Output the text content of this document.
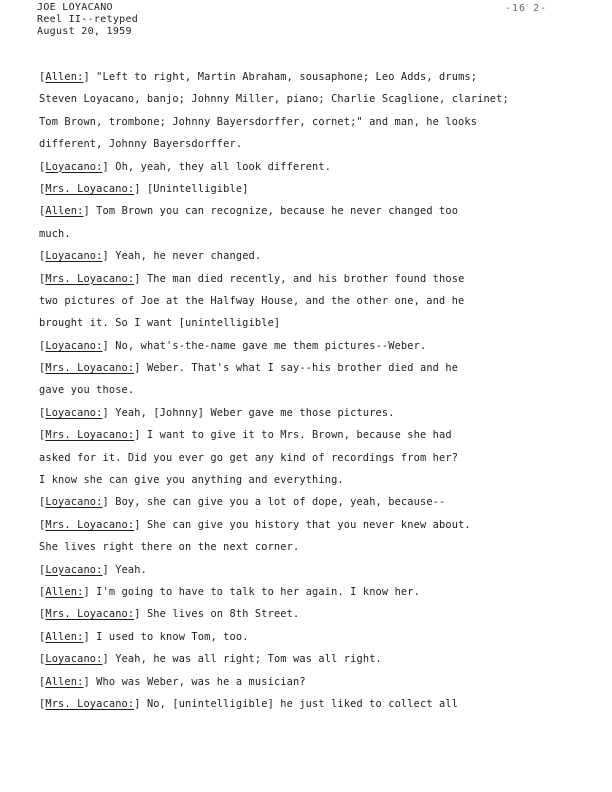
JOE LOYACANO
Reel II--retyped
August 20, 1959
-16 2-
[Allen:] "Left to right, Martin Abraham, sousaphone; Leo Adds, drums;
Steven Loyacano, banjo; Johnny Miller, piano; Charlie Scaglione, clarinet;
Tom Brown, trombone; Johnny Bayersdorffer, cornet;" and man, he looks
different, Johnny Bayersdorffer.
[Loyacano:] Oh, yeah, they all look different.
[Mrs. Loyacano:] [Unintelligible]
[Allen:] Tom Brown you can recognize, because he never changed too
much.
[Loyacano:] Yeah, he never changed.
[Mrs. Loyacano:] The man died recently, and his brother found those
two pictures of Joe at the Halfway House, and the other one, and he
brought it. So I want [unintelligible]
[Loyacano:] No, what's-the-name gave me them pictures--Weber.
[Mrs. Loyacano:] Weber. That's what I say--his brother died and he
gave you those.
[Loyacano:] Yeah, [Johnny] Weber gave me those pictures.
[Mrs. Loyacano:] I want to give it to Mrs. Brown, because she had
asked for it. Did you ever go get any kind of recordings from her?
I know she can give you anything and everything.
[Loyacano:] Boy, she can give you a lot of dope, yeah, because--
[Mrs. Loyacano:] She can give you history that you never knew about.
She lives right there on the next corner.
[Loyacano:] Yeah.
[Allen:] I'm going to have to talk to her again. I know her.
[Mrs. Loyacano:] She lives on 8th Street.
[Allen:] I used to know Tom, too.
[Loyacano:] Yeah, he was all right; Tom was all right.
[Allen:] Who was Weber, was he a musician?
[Mrs. Loyacano:] No, [unintelligible] he just liked to collect all
